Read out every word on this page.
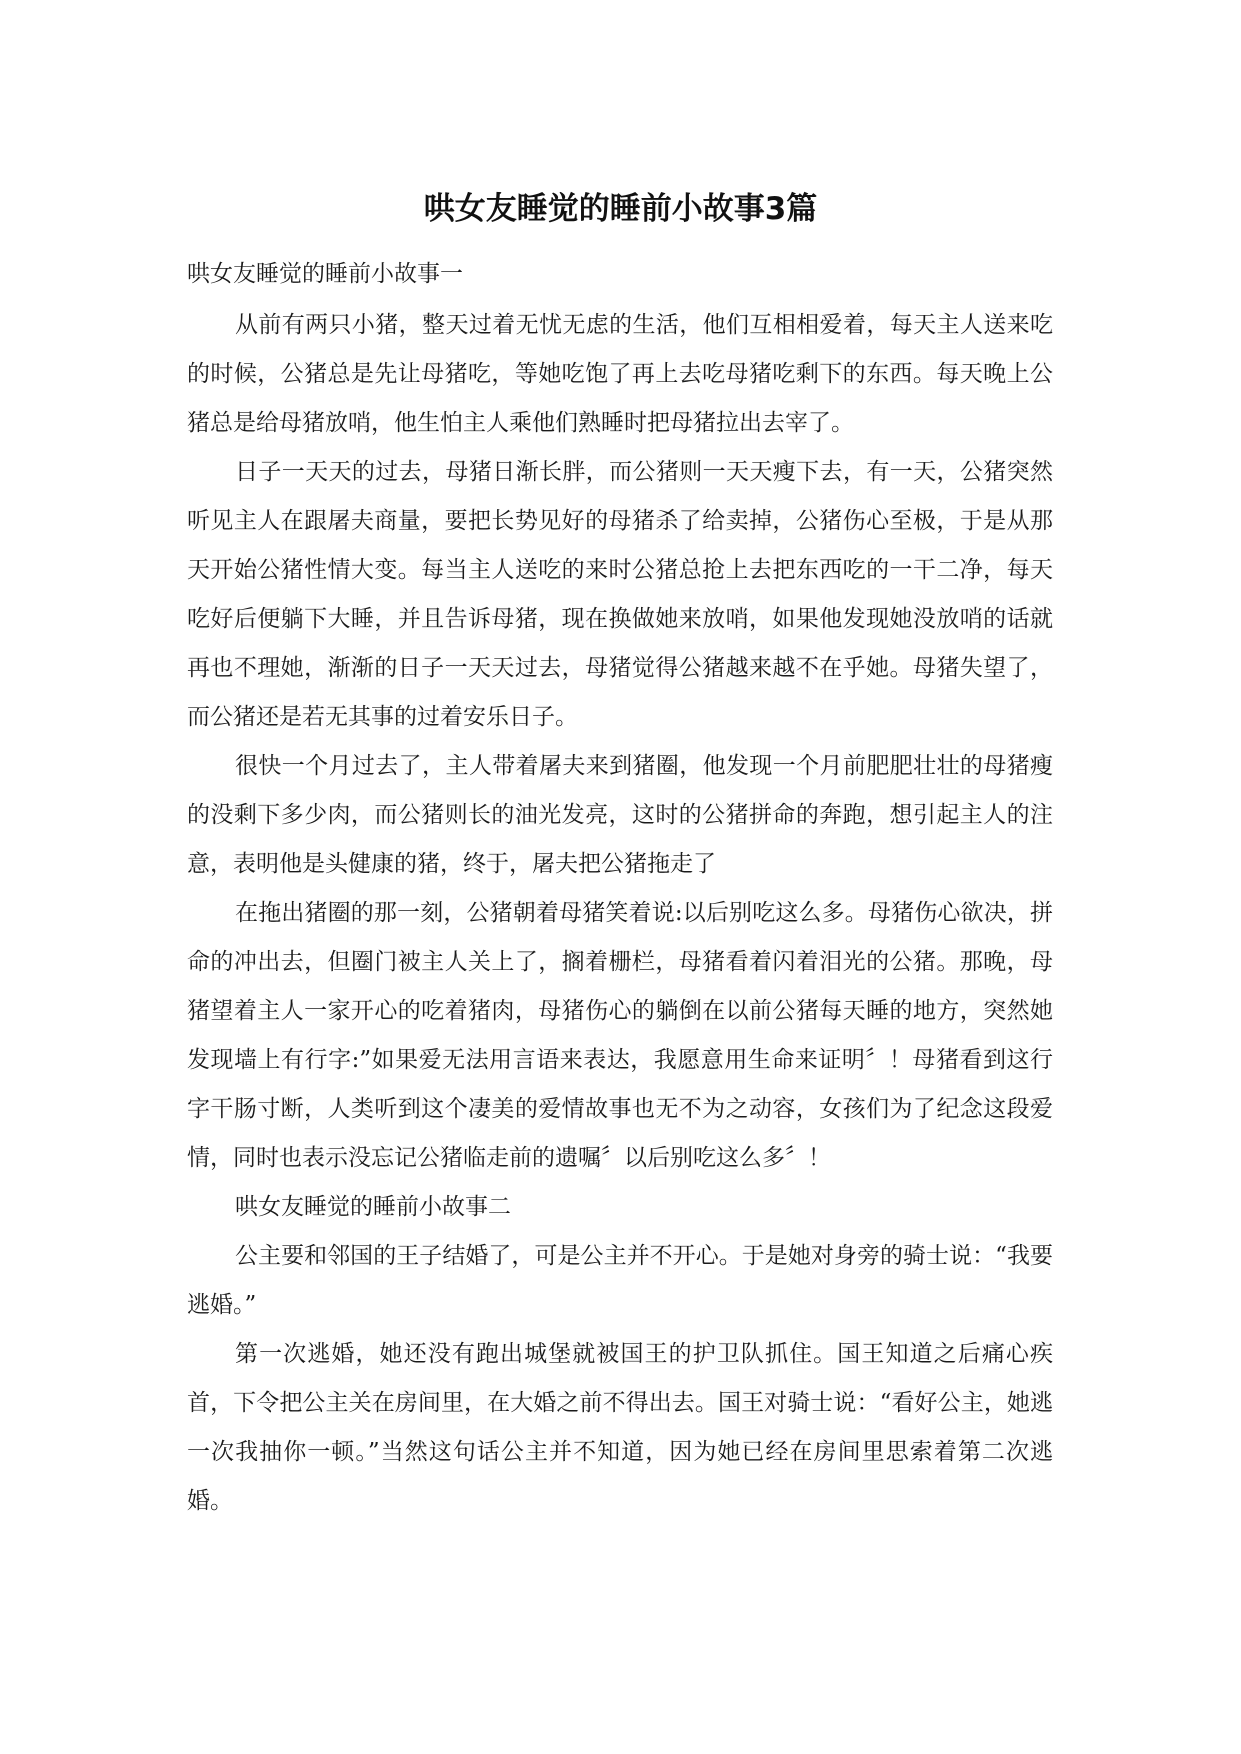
哄女友睡觉的睡前小故事3篇

哄女友睡觉的睡前小故事一

从前有两只小猪，整天过着无忧无虑的生活，他们互相相爱着，每天主人送来吃的时候，公猪总是先让母猪吃，等她吃饱了再上去吃母猪吃剩下的东西。每天晚上公猪总是给母猪放哨，他生怕主人乘他们熟睡时把母猪拉出去宰了。

日子一天天的过去，母猪日渐长胖，而公猪则一天天瘦下去，有一天，公猪突然听见主人在跟屠夫商量，要把长势见好的母猪杀了给卖掉，公猪伤心至极，于是从那天开始公猪性情大变。每当主人送吃的来时公猪总抢上去把东西吃的一干二净，每天吃好后便躺下大睡，并且告诉母猪，现在换做她来放哨，如果他发现她没放哨的话就再也不理她，渐渐的日子一天天过去，母猪觉得公猪越来越不在乎她。母猪失望了，而公猪还是若无其事的过着安乐日子。

很快一个月过去了，主人带着屠夫来到猪圈，他发现一个月前肥肥壮壮的母猪瘦的没剩下多少肉，而公猪则长的油光发亮，这时的公猪拼命的奔跑，想引起主人的注意，表明他是头健康的猪，终于，屠夫把公猪拖走了

在拖出猪圈的那一刻，公猪朝着母猪笑着说:以后别吃这么多。母猪伤心欲决，拼命的冲出去，但圈门被主人关上了，搁着栅栏，母猪看着闪着泪光的公猪。那晚，母猪望着主人一家开心的吃着猪肉，母猪伤心的躺倒在以前公猪每天睡的地方，突然她发现墙上有行字:”如果爱无法用言语来表达，我愿意用生命来证明〞！母猪看到这行字干肠寸断，人类听到这个凄美的爱情故事也无不为之动容，女孩们为了纪念这段爱情，同时也表示没忘记公猪临走前的遗嘱〞以后别吃这么多〞！

哄女友睡觉的睡前小故事二

公主要和邻国的王子结婚了，可是公主并不开心。于是她对身旁的骑士说：“我要逃婚。”

第一次逃婚，她还没有跑出城堡就被国王的护卫队抓住。国王知道之后痛心疾首，下令把公主关在房间里，在大婚之前不得出去。国王对骑士说：“看好公主，她逃一次我抽你一顿。”当然这句话公主并不知道，因为她已经在房间里思索着第二次逃婚。
